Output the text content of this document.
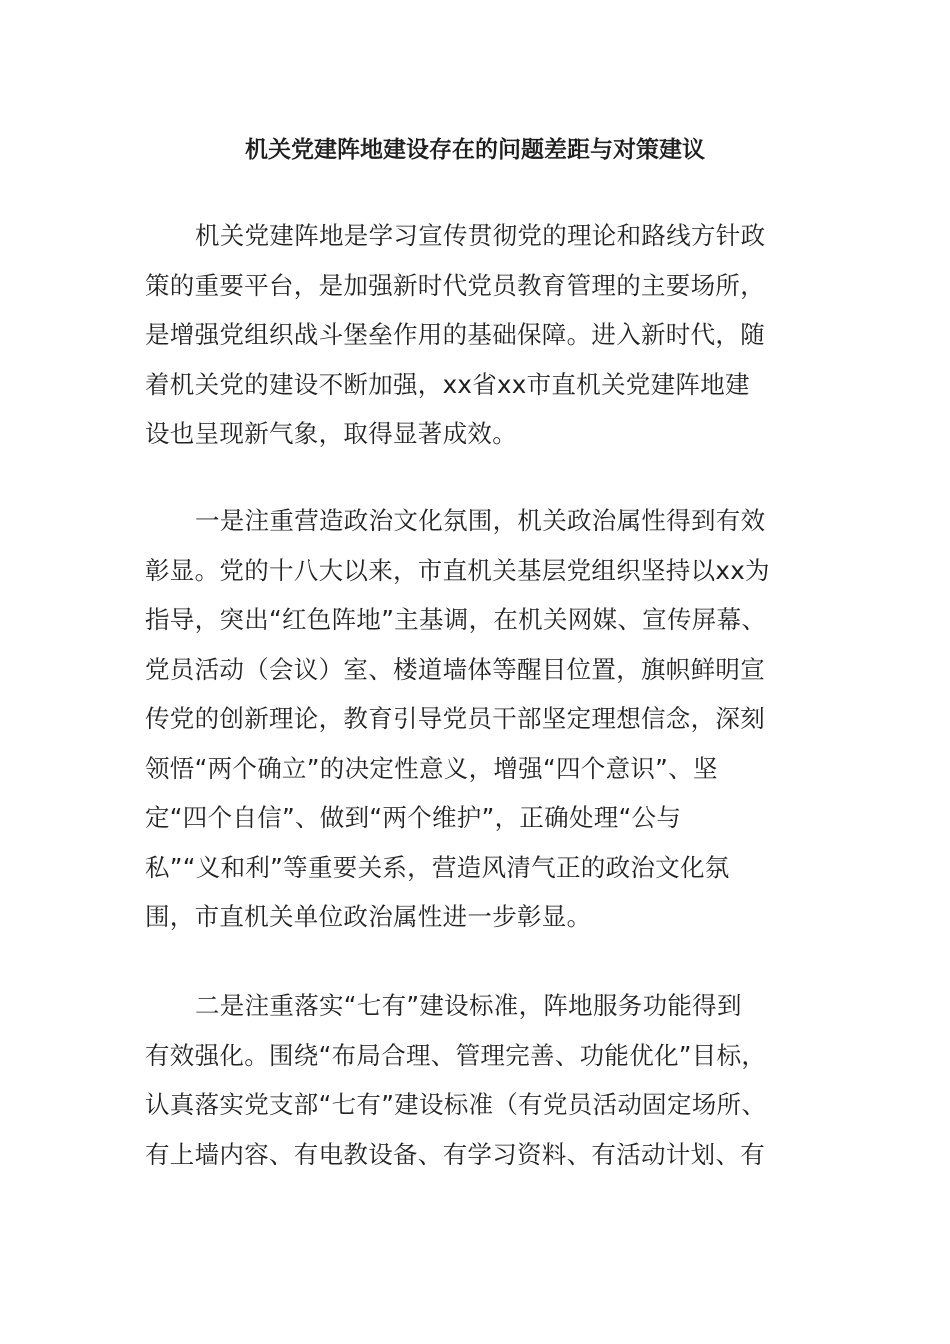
机关党建阵地建设存在的问题差距与对策建议
机关党建阵地是学习宣传贯彻党的理论和路线方针政
策的重要平台，是加强新时代党员教育管理的主要场所，
是增强党组织战斗堡垒作用的基础保障。进入新时代，随
着机关党的建设不断加强，xx省xx市直机关党建阵地建
设也呈现新气象，取得显著成效。
一是注重营造政治文化氛围，机关政治属性得到有效
彰显。党的十八大以来，市直机关基层党组织坚持以xx为
指导，突出“红色阵地”主基调，在机关网媒、宣传屏幕、
党员活动（会议）室、楼道墙体等醒目位置，旗帜鲜明宣
传党的创新理论，教育引导党员干部坚定理想信念，深刻
领悟“两个确立”的决定性意义，增强“四个意识”、坚
定“四个自信”、做到“两个维护”，正确处理“公与
私”“义和利”等重要关系，营造风清气正的政治文化氛
围，市直机关单位政治属性进一步彰显。
二是注重落实“七有”建设标准，阵地服务功能得到
有效强化。围绕“布局合理、管理完善、功能优化”目标，
认真落实党支部“七有”建设标准（有党员活动固定场所、
有上墙内容、有电教设备、有学习资料、有活动计划、有
